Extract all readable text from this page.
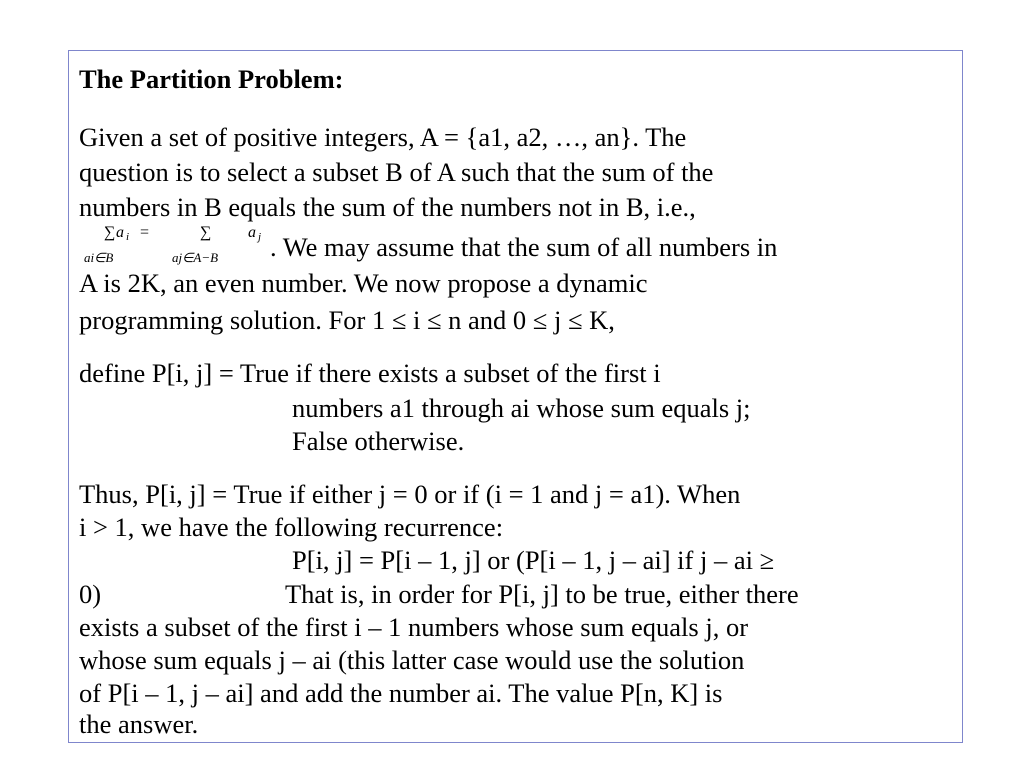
The Partition Problem:
Given a set of positive integers, A = {a1, a2, …, an}. The
question is to select a subset B of A such that the sum of the
numbers in B equals the sum of the numbers not in B, i.e.,
∑ a i =	∑ a j
ai∈B	aj∈A−B . We may assume that the sum of all numbers in
A is 2K, an even number. We now propose a dynamic
programming solution. For 1 ≤ i ≤ n and 0 ≤ j ≤ K,
define P[i, j] = True if there exists a subset of the first i
numbers a1 through ai whose sum equals j;
False otherwise.
Thus, P[i, j] = True if either j = 0 or if (i = 1 and j = a1). When
i > 1, we have the following recurrence:
P[i, j] = P[i – 1, j] or (P[i – 1, j – ai] if j – ai ≥
0)	That is, in order for P[i, j] to be true, either there
exists a subset of the first i – 1 numbers whose sum equals j, or
whose sum equals j – ai (this latter case would use the solution
of P[i – 1, j – ai] and add the number ai. The value P[n, K] is
the answer.
